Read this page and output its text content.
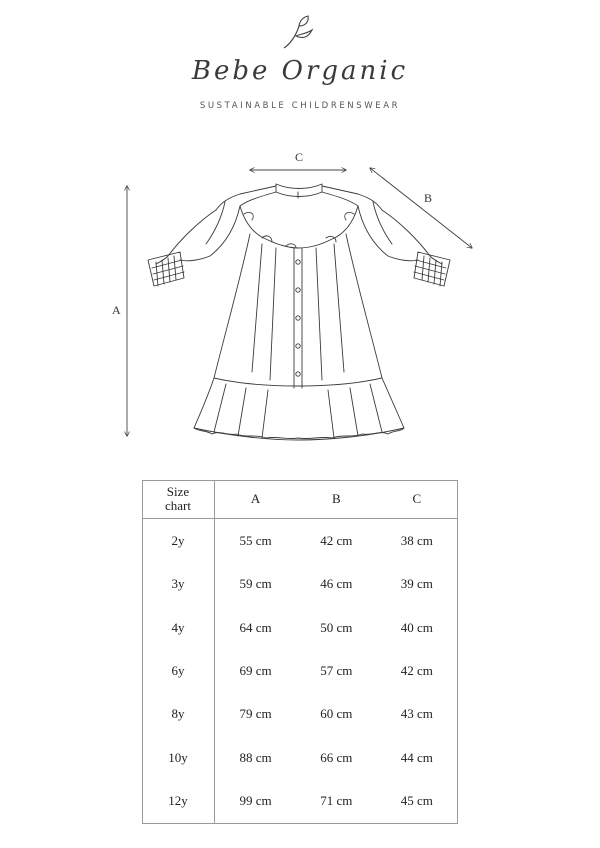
Bebe Organic
SUSTAINABLE CHILDRENSWEAR
A
C
B
Size
chart	A	B	C
2y	55 cm	42 cm	38 cm
3y	59 cm	46 cm	39 cm
4y	64 cm	50 cm	40 cm
6y	69 cm	57 cm	42 cm
8y	79 cm	60 cm	43 cm
10y	88 cm	66 cm	44 cm
12y	99 cm	71 cm	45 cm
